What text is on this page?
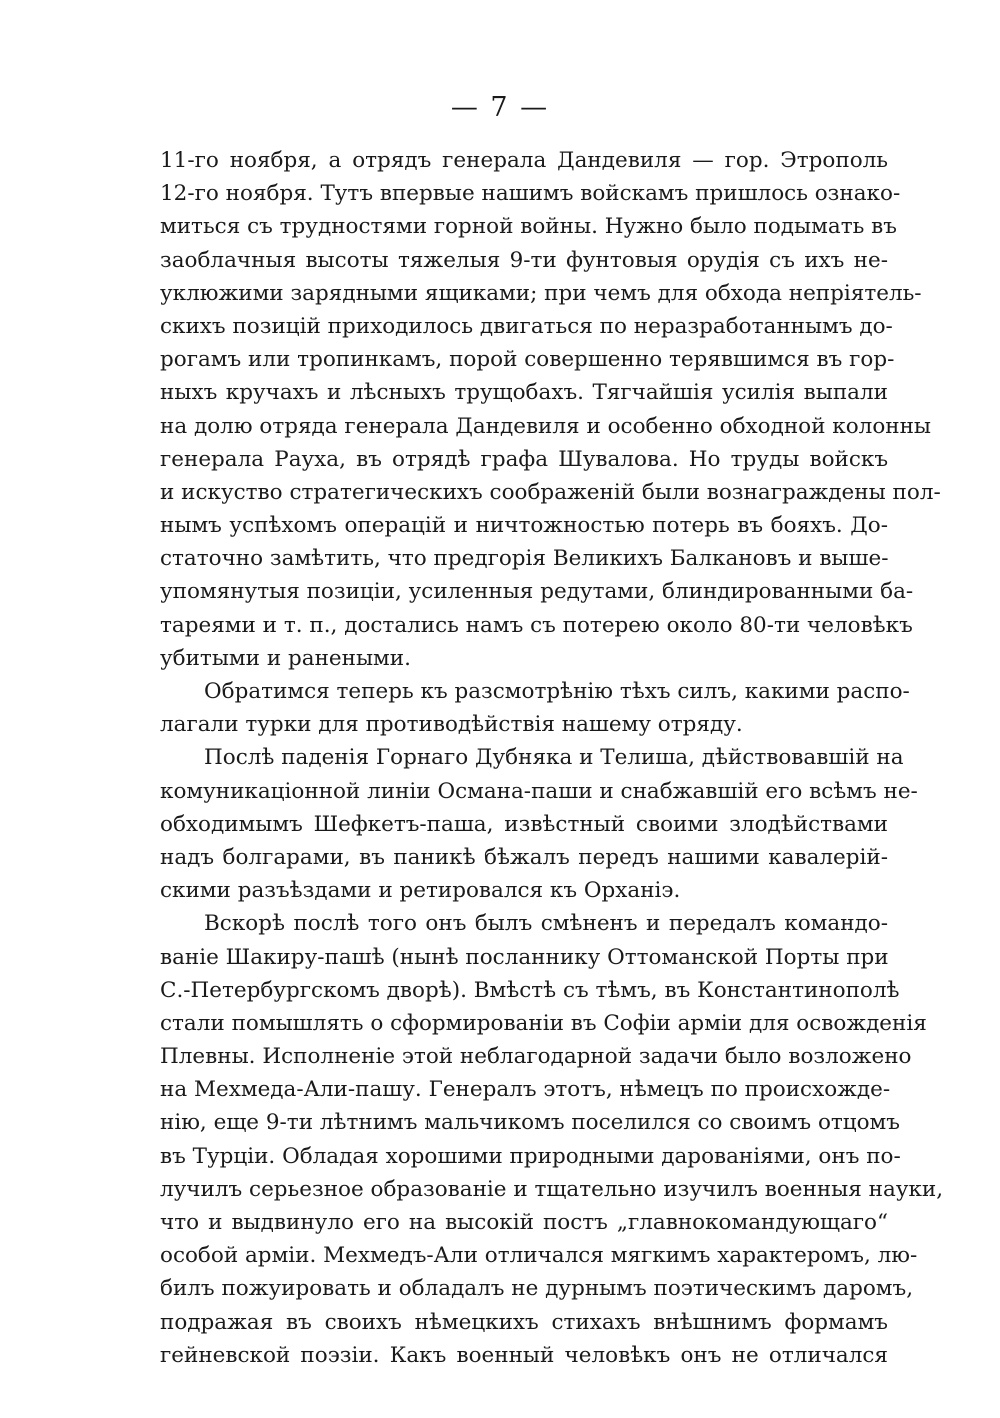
— 7 —
11-го ноября, а отрядъ генерала Дандевиля — гор. Этрополь
12-го ноября. Тутъ впервые нашимъ войскамъ пришлось ознако-
миться съ трудностями горной войны. Нужно было подымать въ
заоблачныя высоты тяжелыя 9-ти фунтовыя орудія съ ихъ не-
уклюжими зарядными ящиками; при чемъ для обхода непріятель-
скихъ позицій приходилось двигаться по неразработаннымъ до-
рогамъ или тропинкамъ, порой совершенно терявшимся въ гор-
ныхъ кручахъ и лѣсныхъ трущобахъ. Тягчайшія усилія выпали
на долю отряда генерала Дандевиля и особенно обходной колонны
генерала Рауха, въ отрядѣ графа Шувалова. Но труды войскъ
и искуство стратегическихъ соображеній были вознаграждены пол-
нымъ успѣхомъ операцій и ничтожностью потерь въ бояхъ. До-
статочно замѣтить, что предгорія Великихъ Балкановъ и выше-
упомянутыя позиціи, усиленныя редутами, блиндированными ба-
тареями и т. п., достались намъ съ потерею около 80-ти человѣкъ
убитыми и ранеными.
Обратимся теперь къ разсмотрѣнію тѣхъ силъ, какими распо-
лагали турки для противодѣйствія нашему отряду.
Послѣ паденія Горнаго Дубняка и Телиша, дѣйствовавшій на
комуникаціонной линіи Османа-паши и снабжавшій его всѣмъ не-
обходимымъ Шефкетъ-паша, извѣстный своими злодѣйствами
надъ болгарами, въ паникѣ бѣжалъ передъ нашими кавалерій-
скими разъѣздами и ретировался къ Орханіэ.
Вскорѣ послѣ того онъ былъ смѣненъ и передалъ командо-
ваніе Шакиру-пашѣ (нынѣ посланнику Оттоманской Порты при
С.-Петербургскомъ дворѣ). Вмѣстѣ съ тѣмъ, въ Константинополѣ
стали помышлять о сформированіи въ Софіи арміи для освожденія
Плевны. Исполненіе этой неблагодарной задачи было возложено
на Мехмеда-Али-пашу. Генералъ этотъ, нѣмецъ по происхожде-
нію, еще 9-ти лѣтнимъ мальчикомъ поселился со своимъ отцомъ
въ Турціи. Обладая хорошими природными дарованіями, онъ по-
лучилъ серьезное образованіе и тщательно изучилъ военныя науки,
что и выдвинуло его на высокій постъ „главнокомандующаго“
особой арміи. Мехмедъ-Али отличался мягкимъ характеромъ, лю-
билъ пожуировать и обладалъ не дурнымъ поэтическимъ даромъ,
подражая въ своихъ нѣмецкихъ стихахъ внѣшнимъ формамъ
гейневской поэзіи. Какъ военный человѣкъ онъ не отличался
